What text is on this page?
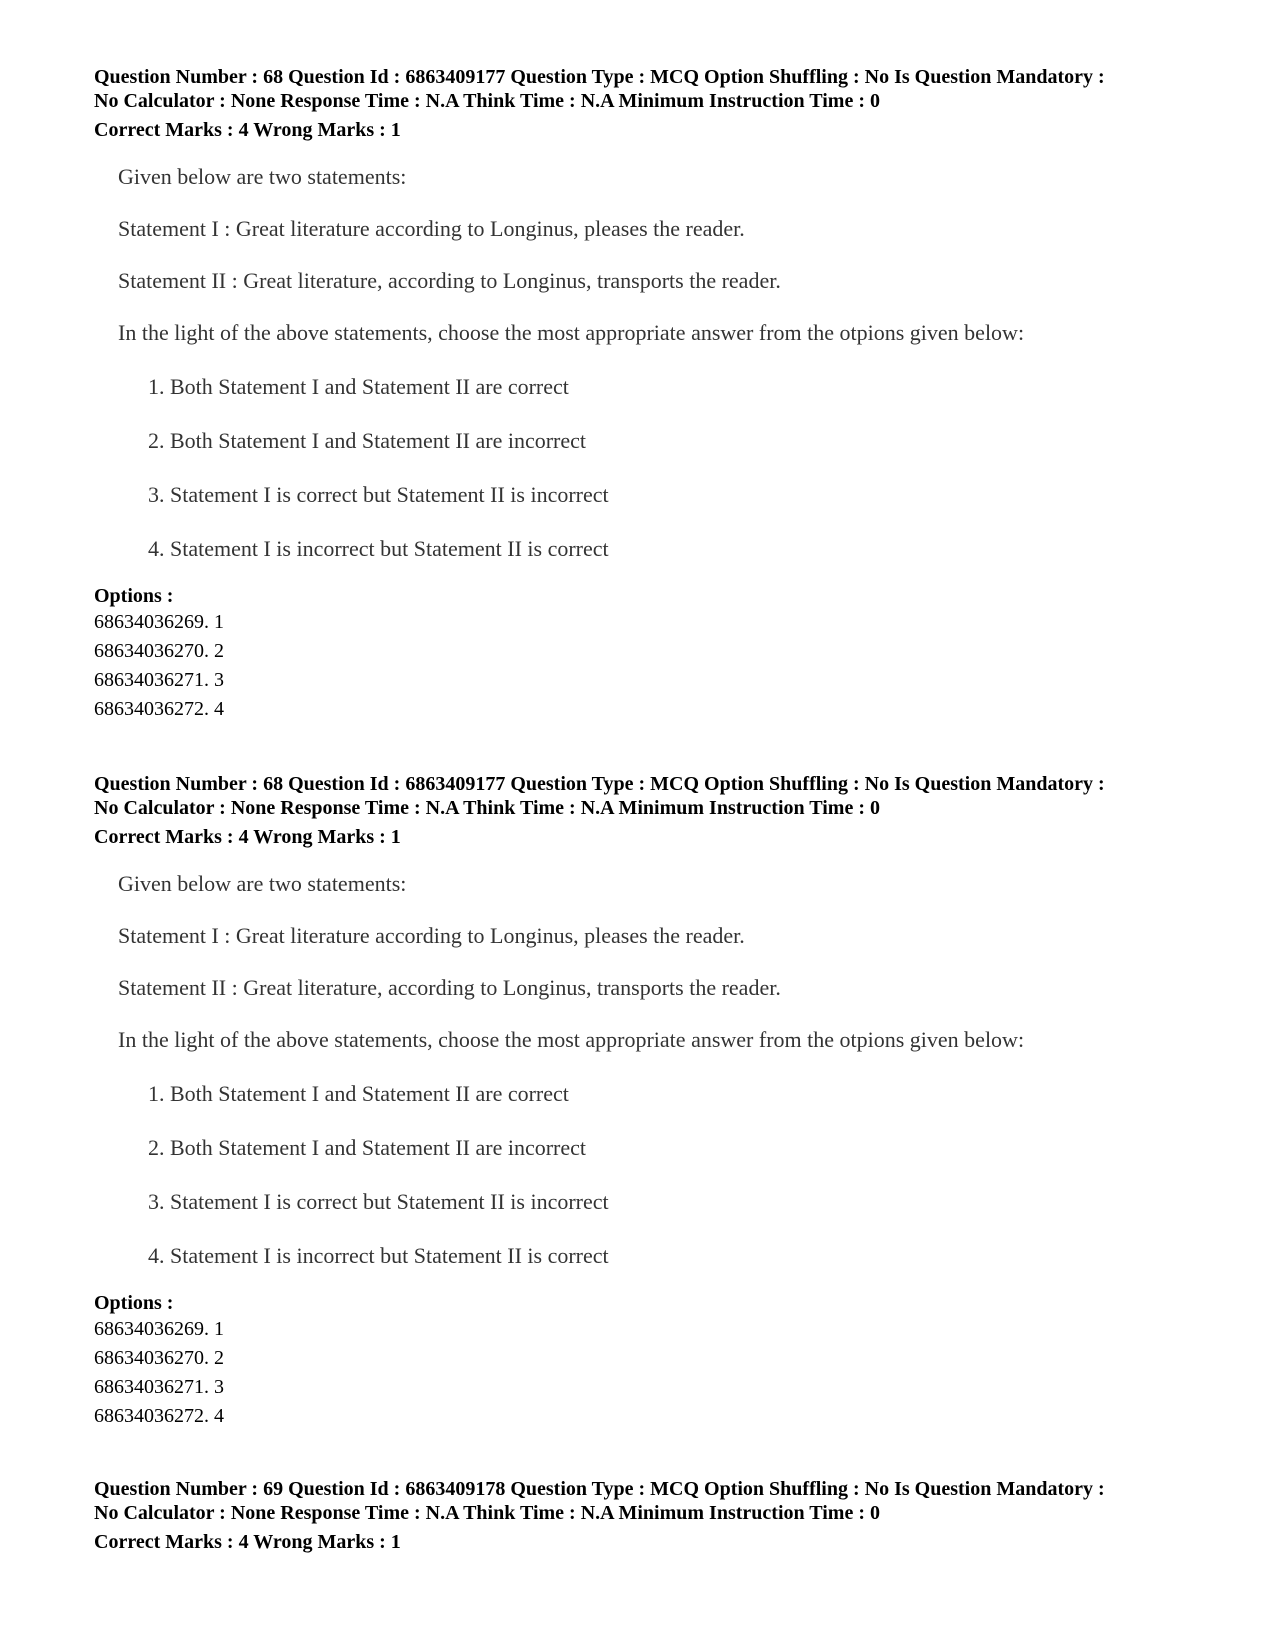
Question Number : 68 Question Id : 6863409177 Question Type : MCQ Option Shuffling : No Is Question Mandatory :

No Calculator : None Response Time : N.A Think Time : N.A Minimum Instruction Time : 0

Correct Marks : 4 Wrong Marks : 1

Given below are two statements:

Statement I : Great literature according to Longinus, pleases the reader.

Statement II : Great literature, according to Longinus, transports the reader.

In the light of the above statements, choose the most appropriate answer from the otpions given below:

1. Both Statement I and Statement II are correct

2. Both Statement I and Statement II are incorrect

3. Statement I is correct but Statement II is incorrect

4. Statement I is incorrect but Statement II is correct

Options :
68634036269. 1
68634036270. 2
68634036271. 3
68634036272. 4

Question Number : 68 Question Id : 6863409177 Question Type : MCQ Option Shuffling : No Is Question Mandatory :

No Calculator : None Response Time : N.A Think Time : N.A Minimum Instruction Time : 0

Correct Marks : 4 Wrong Marks : 1

Given below are two statements:

Statement I : Great literature according to Longinus, pleases the reader.

Statement II : Great literature, according to Longinus, transports the reader.

In the light of the above statements, choose the most appropriate answer from the otpions given below:

1. Both Statement I and Statement II are correct

2. Both Statement I and Statement II are incorrect

3. Statement I is correct but Statement II is incorrect

4. Statement I is incorrect but Statement II is correct

Options :
68634036269. 1
68634036270. 2
68634036271. 3
68634036272. 4

Question Number : 69 Question Id : 6863409178 Question Type : MCQ Option Shuffling : No Is Question Mandatory :

No Calculator : None Response Time : N.A Think Time : N.A Minimum Instruction Time : 0

Correct Marks : 4 Wrong Marks : 1
